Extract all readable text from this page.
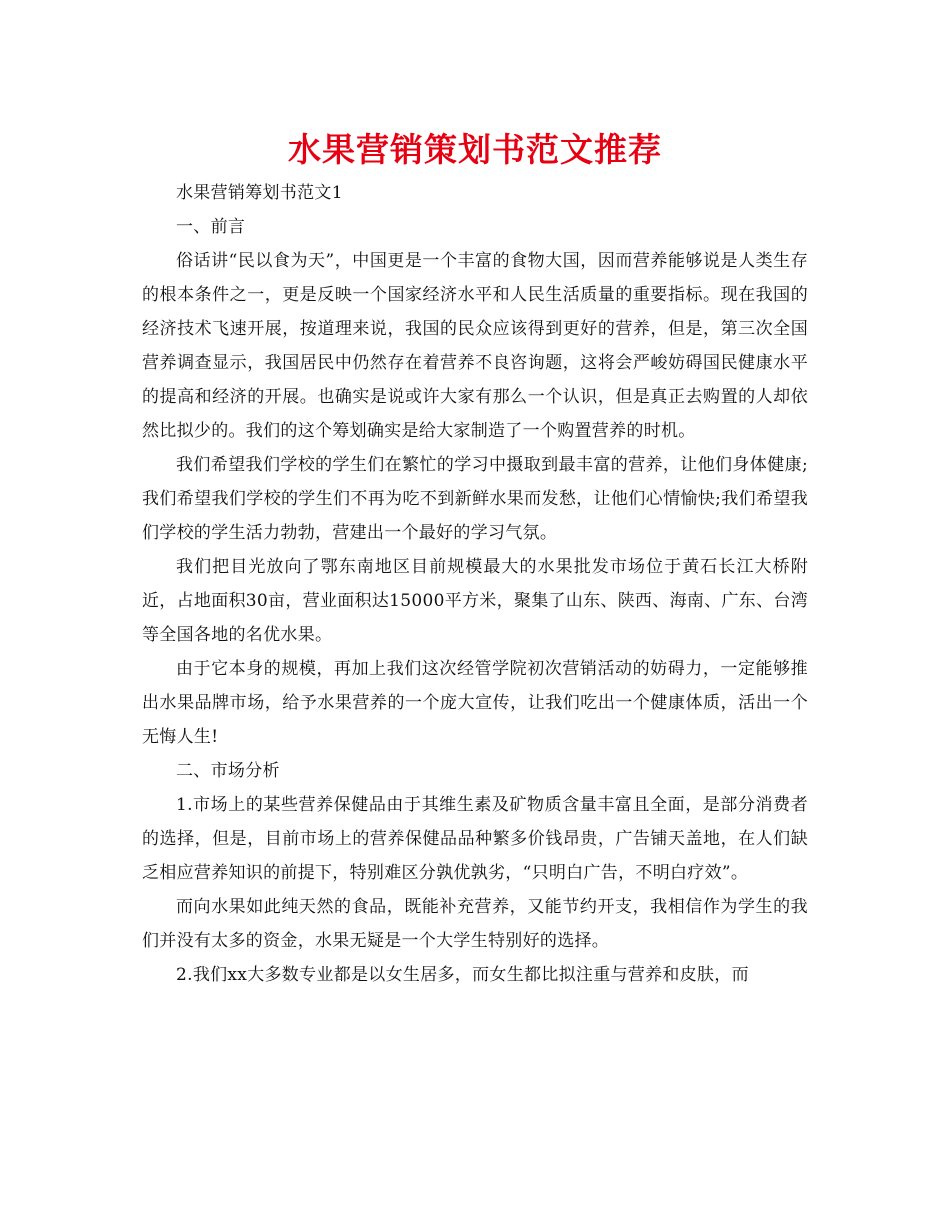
水果营销策划书范文推荐

水果营销筹划书范文1

一、前言

俗话讲“民以食为天”，中国更是一个丰富的食物大国，因而营养能够说是人类生存的根本条件之一，更是反映一个国家经济水平和人民生活质量的重要指标。现在我国的经济技术飞速开展，按道理来说，我国的民众应该得到更好的营养，但是，第三次全国营养调查显示，我国居民中仍然存在着营养不良咨询题，这将会严峻妨碍国民健康水平的提高和经济的开展。也确实是说或许大家有那么一个认识，但是真正去购置的人却依然比拟少的。我们的这个筹划确实是给大家制造了一个购置营养的时机。

我们希望我们学校的学生们在繁忙的学习中摄取到最丰富的营养，让他们身体健康;我们希望我们学校的学生们不再为吃不到新鲜水果而发愁，让他们心情愉快;我们希望我们学校的学生活力勃勃，营建出一个最好的学习气氛。

我们把目光放向了鄂东南地区目前规模最大的水果批发市场位于黄石长江大桥附近，占地面积30亩，营业面积达15000平方米，聚集了山东、陕西、海南、广东、台湾等全国各地的名优水果。

由于它本身的规模，再加上我们这次经管学院初次营销活动的妨碍力，一定能够推出水果品牌市场，给予水果营养的一个庞大宣传，让我们吃出一个健康体质，活出一个无悔人生!

二、市场分析

1.市场上的某些营养保健品由于其维生素及矿物质含量丰富且全面，是部分消费者的选择，但是，目前市场上的营养保健品品种繁多价钱昂贵，广告铺天盖地，在人们缺乏相应营养知识的前提下，特别难区分孰优孰劣，“只明白广告，不明白疗效”。

而向水果如此纯天然的食品，既能补充营养，又能节约开支，我相信作为学生的我们并没有太多的资金，水果无疑是一个大学生特别好的选择。

2.我们xx大多数专业都是以女生居多，而女生都比拟注重与营养和皮肤，而
